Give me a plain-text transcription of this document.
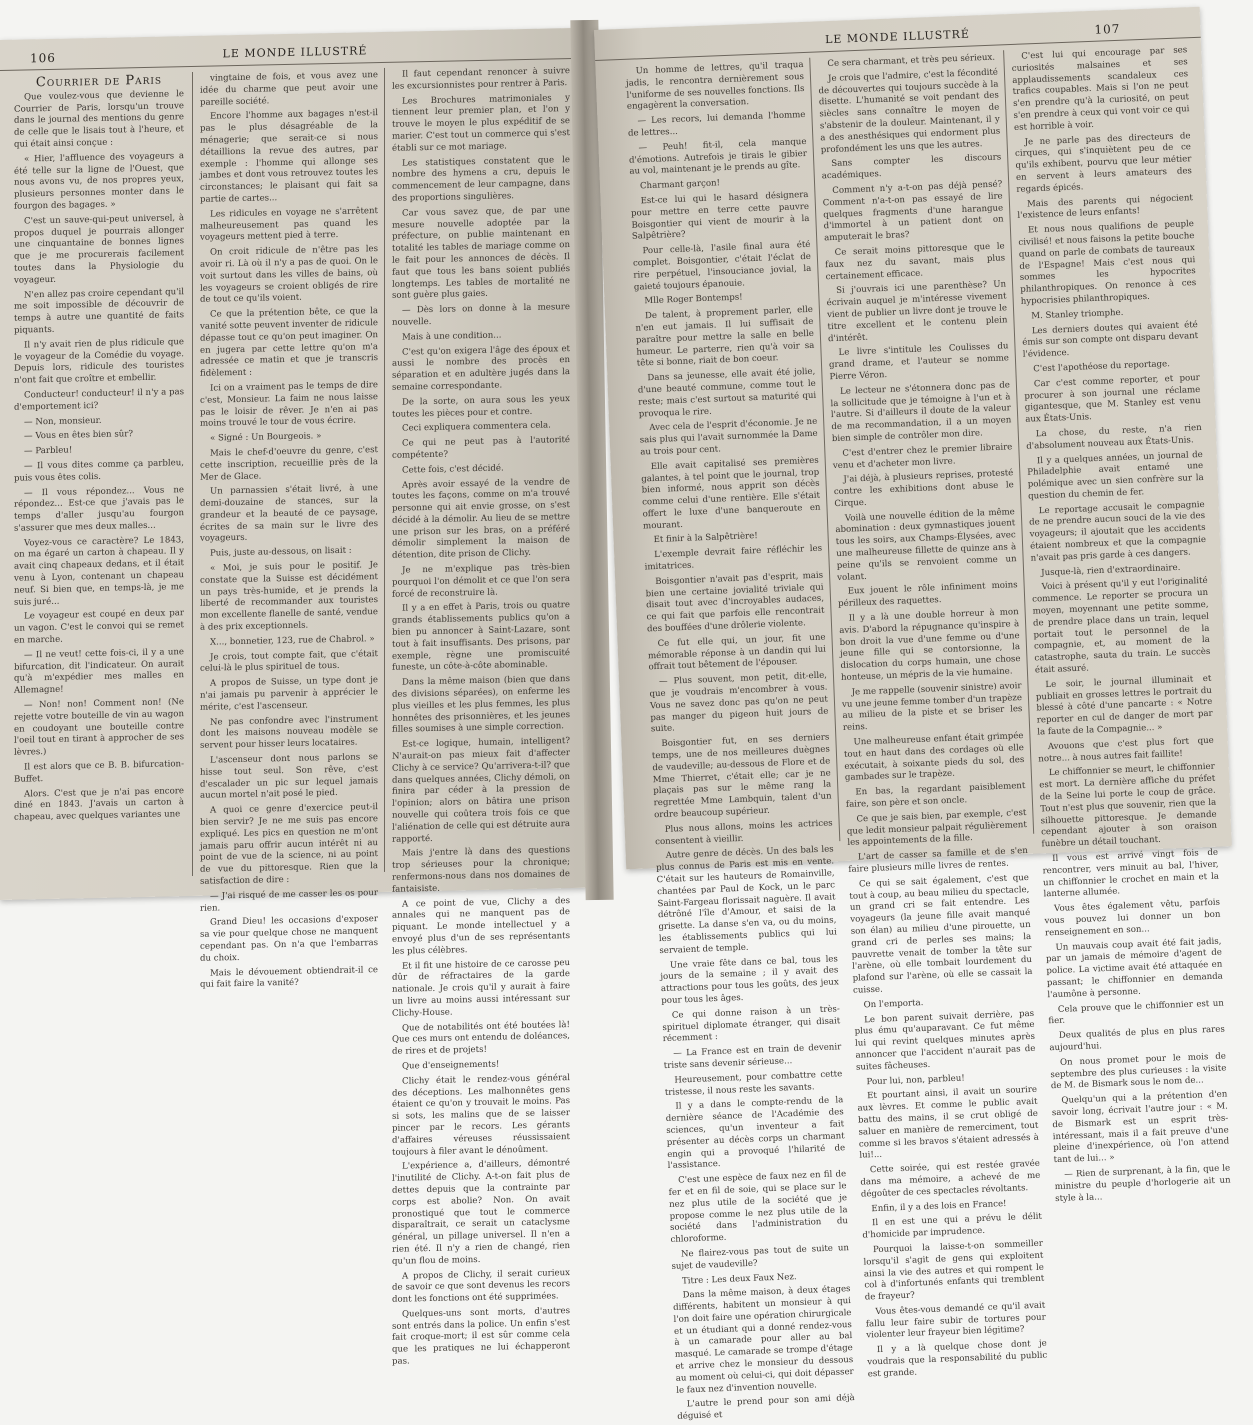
106	LE MONDE ILLUSTRÉ

Courrier de Paris

Que voulez-vous que devienne le Courrier de Paris, lorsqu'un trouve dans le journal des mentions du genre de celle que le lisais tout à l'heure, et qui était ainsi conçue :

« Hier, l'affluence des voyageurs a été telle sur la ligne de l'Ouest, que nous avons vu, de nos propres yeux, plusieurs personnes monter dans le fourgon des bagages. »

C'est un sauve-qui-peut universel, à propos duquel je pourrais allonger une cinquantaine de bonnes lignes que je me procurerais facilement toutes dans la Physiologie du voyageur.

N'en allez pas croire cependant qu'il me soit impossible de découvrir de temps à autre une quantité de faits piquants.

Il n'y avait rien de plus ridicule que le voyageur de la Comédie du voyage. Depuis lors, ridicule des touristes n'ont fait que croître et embellir.

Conducteur! conducteur! il n'y a pas d'emportement ici?

— Non, monsieur.

— Vous en êtes bien sûr?

— Parbleu!

— Il vous dites comme ça parbleu, puis vous êtes colis.

— Il vous répondez... Vous ne répondez... Est-ce que j'avais pas le temps d'aller jusqu'au fourgon s'assurer que mes deux malles...

Voyez-vous ce caractère? Le 1843, on ma égaré un carton à chapeau. Il y avait cinq chapeaux dedans, et il était venu à Lyon, contenant un chapeau neuf. Si bien que, en temps-là, je me suis juré...

Le voyageur est coupé en deux par un vagon. C'est le convoi qui se remet en marche.

— Il ne veut! cette fois-ci, il y a une bifurcation, dit l'indicateur. On aurait qu'à m'expédier mes malles en Allemagne!

— Non! non! Comment non! (Ne rejette votre bouteille de vin au wagon en coudoyant une bouteille contre l'oeil tout en tirant à approcher de ses lèvres.)

Il est alors que ce B. B. bifurcation-Buffet.

Alors. C'est que je n'ai pas encore diné en 1843. J'avais un carton à chapeau, avec quelques variantes une

vingtaine de fois, et vous avez une idée du charme que peut avoir une pareille société.

Encore l'homme aux bagages n'est-il pas le plus désagréable de la ménagerie; que serait-ce si nous détaillions la revue des autres, par exemple : l'homme qui allonge ses jambes et dont vous retrouvez toutes les circonstances; le plaisant qui fait sa partie de cartes...

Les ridicules en voyage ne s'arrêtent malheureusement pas quand les voyageurs mettent pied à terre.

On croit ridicule de n'être pas les avoir ri. Là où il n'y a pas de quoi. On le voit surtout dans les villes de bains, où les voyageurs se croient obligés de rire de tout ce qu'ils voient.

Ce que la prétention bête, ce que la vanité sotte peuvent inventer de ridicule dépasse tout ce qu'on peut imaginer. On en jugera par cette lettre qu'on m'a adressée ce matin et que je transcris fidèlement :

Ici on a vraiment pas le temps de dire c'est, Monsieur. La faim ne nous laisse pas le loisir de rêver. Je n'en ai pas moins trouvé le tour de vous écrire.

« Signé : Un Bourgeois. »

Mais le chef-d'oeuvre du genre, c'est cette inscription, recueillie près de la Mer de Glace.

Un parnassien s'était livré, à une demi-douzaine de stances, sur la grandeur et la beauté de ce paysage, écrites de sa main sur le livre des voyageurs.

Puis, juste au-dessous, on lisait :

« Moi, je suis pour le positif. Je constate que la Suisse est décidément un pays très-humide, et je prends la liberté de recommander aux touristes mon excellente flanelle de santé, vendue à des prix exceptionnels.

X..., bonnetier, 123, rue de Chabrol. »

Je crois, tout compte fait, que c'était celui-là le plus spirituel de tous.

A propos de Suisse, un type dont je n'ai jamais pu parvenir à apprécier le mérite, c'est l'ascenseur.

Ne pas confondre avec l'instrument dont les maisons nouveau modèle se servent pour hisser leurs locataires.

L'ascenseur dont nous parlons se hisse tout seul. Son rêve, c'est d'escalader un pic sur lequel jamais aucun mortel n'ait posé le pied.

A quoi ce genre d'exercice peut-il bien servir? Je ne me suis pas encore expliqué. Les pics en question ne m'ont jamais paru offrir aucun intérêt ni au point de vue de la science, ni au point de vue du pittoresque. Rien que la satisfaction de dire :

— J'ai risqué de me casser les os pour rien.

Grand Dieu! les occasions d'exposer sa vie pour quelque chose ne manquent cependant pas. On n'a que l'embarras du choix.

Mais le dévouement obtiendrait-il ce qui fait faire la vanité?

Il faut cependant renoncer à suivre les excursionnistes pour rentrer à Paris.

Les Brochures matrimoniales y tiennent leur premier plan, et l'on y trouve le moyen le plus expéditif de se marier. C'est tout un commerce qui s'est établi sur ce mot mariage.

Les statistiques constatent que le nombre des hymens a cru, depuis le commencement de leur campagne, dans des proportions singulières.

Car vous savez que, de par une mesure nouvelle adoptée par la préfecture, on publie maintenant en totalité les tables de mariage comme on le fait pour les annonces de décès. Il faut que tous les bans soient publiés longtemps. Les tables de mortalité ne sont guère plus gaies.

— Dès lors on donne à la mesure nouvelle.

Mais à une condition...

C'est qu'on exigera l'âge des époux et aussi le nombre des procès en séparation et en adultère jugés dans la semaine correspondante.

De la sorte, on aura sous les yeux toutes les pièces pour et contre.

Ceci expliquera commentera cela.

Ce qui ne peut pas à l'autorité compétente?

Cette fois, c'est décidé.

Après avoir essayé de la vendre de toutes les façons, comme on m'a trouvé personne qui ait envie grosse, on s'est décidé à la démolir. Au lieu de se mettre une prison sur les bras, on a préféré démolir simplement la maison de détention, dite prison de Clichy.

Je ne m'explique pas très-bien pourquoi l'on démolit et ce que l'on sera forcé de reconstruire là.

Il y a en effet à Paris, trois ou quatre grands établissements publics qu'on a bien pu annoncer à Saint-Lazare, sont tout à fait insuffisants. Des prisons, par exemple, règne une promiscuité funeste, un côte-à-côte abominable.

Dans la même maison (bien que dans des divisions séparées), on enferme les plus vieilles et les plus femmes, les plus honnêtes des prisonnières, et les jeunes filles soumises à une simple correction.

Est-ce logique, humain, intelligent? N'aurait-on pas mieux fait d'affecter Clichy à ce service? Qu'arrivera-t-il? que dans quelques années, Clichy démoli, on finira par céder à la pression de l'opinion; alors on bâtira une prison nouvelle qui coûtera trois fois ce que l'aliénation de celle qui est détruite aura rapporté.

Mais j'entre là dans des questions trop sérieuses pour la chronique; renfermons-nous dans nos domaines de fantaisiste.

A ce point de vue, Clichy a des annales qui ne manquent pas de piquant. Le monde intellectuel y a envoyé plus d'un de ses représentants les plus célèbres.

Et il fit une histoire de ce carosse peu dûr de réfractaires de la garde nationale. Je crois qu'il y aurait à faire un livre au moins aussi intéressant sur Clichy-House.

Que de notabilités ont été boutées là! Que ces murs ont entendu de doléances, de rires et de projets!

Que d'enseignements!

Clichy était le rendez-vous général des déceptions. Les malhonnêtes gens étaient ce qu'on y trouvait le moins. Pas si sots, les malins que de se laisser pincer par le recors. Les gérants d'affaires véreuses réussissaient toujours à filer avant le dénoûment.

L'expérience a, d'ailleurs, démontré l'inutilité de Clichy. A-t-on fait plus de dettes depuis que la contrainte par corps est abolie? Non. On avait pronostiqué que tout le commerce disparaîtrait, ce serait un cataclysme général, un pillage universel. Il n'en a rien été. Il n'y a rien de changé, rien qu'un flou de moins.

A propos de Clichy, il serait curieux de savoir ce que sont devenus les recors dont les fonctions ont été supprimées.

Quelques-uns sont morts, d'autres sont entrés dans la police. Un enfin s'est fait croque-mort; il est sûr comme cela que les pratiques ne lui échapperont pas.

LE MONDE ILLUSTRÉ	107

Un homme de lettres, qu'il traqua jadis, le rencontra dernièrement sous l'uniforme de ses nouvelles fonctions. Ils engagèrent la conversation.

— Les recors, lui demanda l'homme de lettres...

— Peuh! fit-il, cela manque d'émotions. Autrefois je tirais le gibier au vol, maintenant je le prends au gîte.

Charmant garçon!

Est-ce lui qui le hasard désignera pour mettre en terre cette pauvre Boisgontier qui vient de mourir à la Salpêtrière?

Pour celle-là, l'asile final aura été complet. Boisgontier, c'était l'éclat de rire perpétuel, l'insouciance jovial, la gaieté toujours épanouie.

Mlle Roger Bontemps!

De talent, à proprement parler, elle n'en eut jamais. Il lui suffisait de paraître pour mettre la salle en belle humeur. Le parterre, rien qu'à voir sa tête si bonne, riait de bon coeur.

Dans sa jeunesse, elle avait été jolie, d'une beauté commune, comme tout le reste; mais c'est surtout sa maturité qui provoqua le rire.

Avec cela de l'esprit d'économie. Je ne sais plus qui l'avait surnommée la Dame au trois pour cent.

Elle avait capitalisé ses premières galantes, à tel point que le journal, trop bien informé, nous apprit son décès comme celui d'une rentière. Elle s'était offert le luxe d'une banqueroute en mourant.

Et finir à la Salpêtrière!

L'exemple devrait faire réfléchir les imitatrices.

Boisgontier n'avait pas d'esprit, mais bien une certaine jovialité triviale qui disait tout avec d'incroyables audaces, ce qui fait que parfois elle rencontrait des bouffées d'une drôlerie violente.

Ce fut elle qui, un jour, fit une mémorable réponse à un dandin qui lui offrait tout bêtement de l'épouser.

— Plus souvent, mon petit, dit-elle, que je voudrais m'encombrer à vous. Vous ne savez donc pas qu'on ne peut pas manger du pigeon huit jours de suite.

Boisgontier fut, en ses derniers temps, une de nos meilleures duègnes de vaudeville; au-dessous de Flore et de Mme Thierret, c'était elle; car je ne plaçais pas sur le même rang la regrettée Mme Lambquin, talent d'un ordre beaucoup supérieur.

Plus nous allons, moins les actrices consentent à vieillir.

Autre genre de décès. Un des bals les plus connus de Paris est mis en vente. C'était sur les hauteurs de Romainville, chantées par Paul de Kock, un le parc Saint-Fargeau florissait naguère. Il avait détrôné l'île d'Amour, et saisi de la grisette. La danse s'en va, ou du moins, les établissements publics qui lui servaient de temple.

Une vraie fête dans ce bal, tous les jours de la semaine ; il y avait des attractions pour tous les goûts, des jeux pour tous les âges.

Ce qui donne raison à un très-spirituel diplomate étranger, qui disait récemment :

— La France est en train de devenir triste sans devenir sérieuse...

Heureusement, pour combattre cette tristesse, il nous reste les savants.

Il y a dans le compte-rendu de la dernière séance de l'Académie des sciences, qu'un inventeur a fait présenter au décès corps un charmant engin qui a provoqué l'hilarité de l'assistance.

C'est une espèce de faux nez en fil de fer et en fil de soie, qui se place sur le nez plus utile de la société que je propose comme le nez plus utile de la société dans l'administration du chloroforme.

Ne flairez-vous pas tout de suite un sujet de vaudeville?

Titre : Les deux Faux Nez.

Dans la même maison, à deux étages différents, habitent un monsieur à qui l'on doit faire une opération chirurgicale et un étudiant qui a donné rendez-vous à un camarade pour aller au bal masqué. Le camarade se trompe d'étage et arrive chez le monsieur du dessous au moment où celui-ci, qui doit dépasser le faux nez d'invention nouvelle.

L'autre le prend pour son ami déjà déguisé et

Ce sera charmant, et très peu sérieux.

Je crois que l'admire, c'est la fécondité de découvertes qui toujours succède à la disette. L'humanité se voit pendant des siècles sans connaître le moyen de s'abstenir de la douleur. Maintenant, il y a des anesthésiques qui endorment plus profondément les uns que les autres.

Sans compter les discours académiques.

Comment n'y a-t-on pas déjà pensé? Comment n'a-t-on pas essayé de lire quelques fragments d'une harangue d'immortel à un patient dont on amputerait le bras?

Ce serait moins pittoresque que le faux nez du savant, mais plus certainement efficace.

Si j'ouvrais ici une parenthèse? Un écrivain auquel je m'intéresse vivement vient de publier un livre dont je trouve le titre excellent et le contenu plein d'intérêt.

Le livre s'intitule les Coulisses du grand drame, et l'auteur se nomme Pierre Véron.

Le lecteur ne s'étonnera donc pas de la sollicitude que je témoigne à l'un et à l'autre. Si d'ailleurs il doute de la valeur de ma recommandation, il a un moyen bien simple de contrôler mon dire.

C'est d'entrer chez le premier libraire venu et d'acheter mon livre.

J'ai déjà, à plusieurs reprises, protesté contre les exhibitions dont abuse le Cirque.

Voilà une nouvelle édition de la même abomination : deux gymnastiques jouent tous les soirs, aux Champs-Élysées, avec une malheureuse fillette de quinze ans à peine qu'ils se renvoient comme un volant.

Eux jouent le rôle infiniment moins périlleux des raquettes.

Il y a là une double horreur à mon avis. D'abord la répugnance qu'inspire à bon droit la vue d'une femme ou d'une jeune fille qui se contorsionne, la dislocation du corps humain, une chose honteuse, un mépris de la vie humaine.

Je me rappelle (souvenir sinistre) avoir vu une jeune femme tomber d'un trapèze au milieu de la piste et se briser les reins.

Une malheureuse enfant était grimpée tout en haut dans des cordages où elle exécutait, à soixante pieds du sol, des gambades sur le trapèze.

En bas, la regardant paisiblement faire, son père et son oncle.

Ce que je sais bien, par exemple, c'est que ledit monsieur palpait régulièrement les appointements de la fille.

L'art de casser sa famille et de s'en faire plusieurs mille livres de rentes.

Ce qui se sait également, c'est que tout à coup, au beau milieu du spectacle, un grand cri se fait entendre. Les voyageurs (la jeune fille avait manqué son élan) au milieu d'une pirouette, un grand cri de perles ses mains; la pauvrette venait de tomber la tête sur l'arène, où elle tombait lourdement du plafond sur l'arène, où elle se cassait la cuisse.

On l'emporta.

Le bon parent suivait derrière, pas plus ému qu'auparavant. Ce fut même lui qui revint quelques minutes après annoncer que l'accident n'aurait pas de suites fâcheuses.

Pour lui, non, parbleu!

Et pourtant ainsi, il avait un sourire aux lèvres. Et comme le public avait battu des mains, il se crut obligé de saluer en manière de remerciment, tout comme si les bravos s'étaient adressés à lui!...

Cette soirée, qui est restée gravée dans ma mémoire, a achevé de me dégoûter de ces spectacles révoltants.

Enfin, il y a des lois en France!

Il en est une qui a prévu le délit d'homicide par imprudence.

Pourquoi la laisse-t-on sommeiller lorsqu'il s'agit de gens qui exploitent ainsi la vie des autres et qui rompent le col à d'infortunés enfants qui tremblent de frayeur?

Vous êtes-vous demandé ce qu'il avait fallu leur faire subir de tortures pour violenter leur frayeur bien légitime?

Il y a là quelque chose dont je voudrais que la responsabilité du public est grande.

C'est lui qui encourage par ses curiosités malsaines et ses applaudissements scandaleux ces trafics coupables. Mais si l'on ne peut s'en prendre qu'à la curiosité, on peut s'en prendre à ceux qui vont voir ce qui est horrible à voir.

Je ne parle pas des directeurs de cirques, qui s'inquiètent peu de ce qu'ils exhibent, pourvu que leur métier en servent à leurs amateurs des regards épicés.

Mais des parents qui négocient l'existence de leurs enfants!

Et nous nous qualifions de peuple civilisé! et nous faisons la petite bouche quand on parle de combats de taureaux de l'Espagne! Mais c'est nous qui sommes les hypocrites philanthropiques. On renonce à ces hypocrisies philanthropiques.

M. Stanley triomphe.

Les derniers doutes qui avaient été émis sur son compte ont disparu devant l'évidence.

C'est l'apothéose du reportage.

Car c'est comme reporter, et pour procurer à son journal une réclame gigantesque, que M. Stanley est venu aux États-Unis.

La chose, du reste, n'a rien d'absolument nouveau aux États-Unis.

Il y a quelques années, un journal de Philadelphie avait entamé une polémique avec un sien confrère sur la question du chemin de fer.

Le reportage accusait le compagnie de ne prendre aucun souci de la vie des voyageurs; il ajoutait que les accidents étaient nombreux et que la compagnie n'avait pas pris garde à ces dangers.

Jusque-là, rien d'extraordinaire.

Voici à présent qu'il y eut l'originalité commence. Le reporter se procura un moyen, moyennant une petite somme, de prendre place dans un train, lequel portait tout le personnel de la compagnie, et, au moment de la catastrophe, sauta du train. Le succès était assuré.

Le soir, le journal illuminait et publiait en grosses lettres le portrait du blessé à côté d'une pancarte : « Notre reporter en cul de danger de mort par la faute de la Compagnie... »

Avouons que c'est plus fort que notre... à nous autres fait faillite!

Le chiffonnier se meurt, le chiffonnier est mort. La dernière affiche du préfet de la Seine lui porte le coup de grâce. Tout n'est plus que souvenir, rien que la silhouette pittoresque. Je demande cependant ajouter à son oraison funèbre un détail touchant.

Il vous est arrivé vingt fois de rencontrer, vers minuit au bal, l'hiver, un chiffonnier le crochet en main et la lanterne allumée.

Vous êtes également vêtu, parfois vous pouvez lui donner un bon renseignement en son...

Un mauvais coup avait été fait jadis, par un jamais de mémoire d'agent de police. La victime avait été attaquée en passant; le chiffonnier en demanda l'aumône à personne.

Cela prouve que le chiffonnier est un fier.

Deux qualités de plus en plus rares aujourd'hui.

On nous promet pour le mois de septembre des plus curieuses : la visite de M. de Bismark sous le nom de...

Quelqu'un qui a la prétention d'en savoir long, écrivait l'autre jour : « M. de Bismark est un esprit très-intéressant, mais il a fait preuve d'une pleine d'inexpérience, où l'on attend tant de lui... »

— Rien de surprenant, à la fin, que le ministre du peuple d'horlogerie ait un style à la...
